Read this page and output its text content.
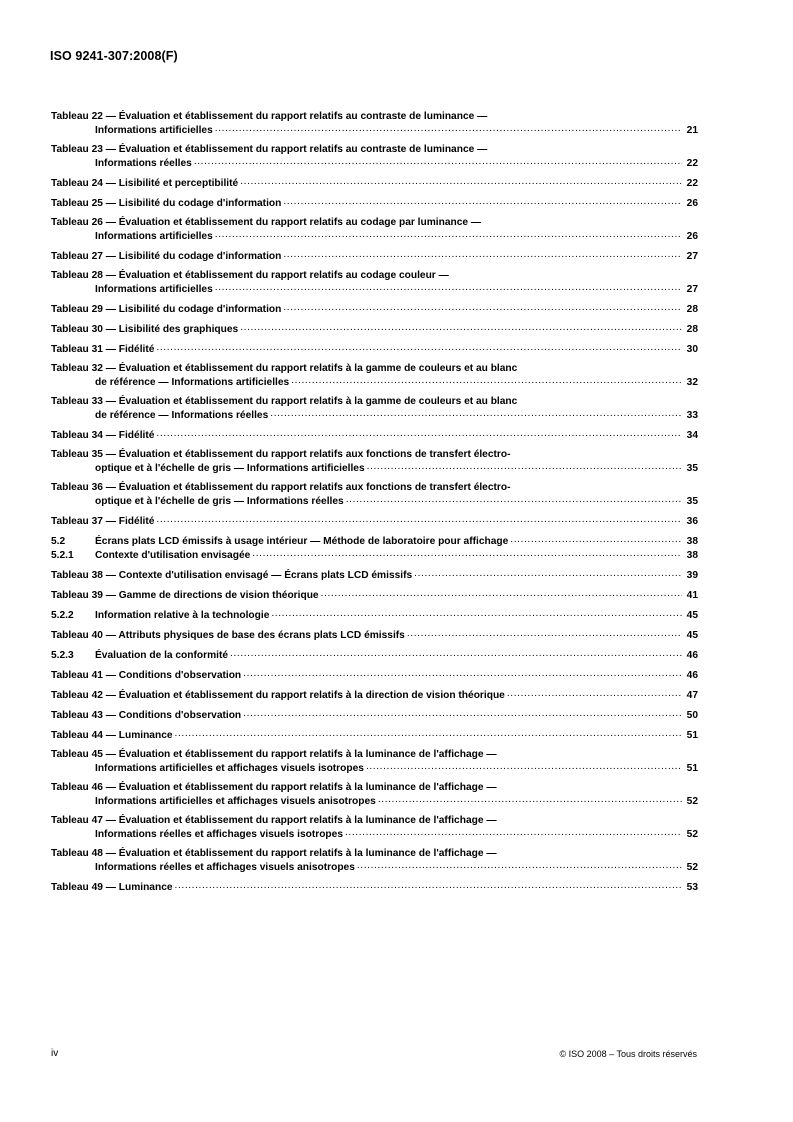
ISO 9241-307:2008(F)
Tableau 22 — Évaluation et établissement du rapport relatifs au contraste de luminance —
Informations artificielles .....	21
Tableau 23 — Évaluation et établissement du rapport relatifs au contraste de luminance —
Informations réelles .....	22
Tableau 24 — Lisibilité et perceptibilité .....	22
Tableau 25 — Lisibilité du codage d'information .....	26
Tableau 26 — Évaluation et établissement du rapport relatifs au codage par luminance —
Informations artificielles .....	26
Tableau 27 — Lisibilité du codage d'information .....	27
Tableau 28 — Évaluation et établissement du rapport relatifs au codage couleur —
Informations artificielles .....	27
Tableau 29 — Lisibilité du codage d'information .....	28
Tableau 30 — Lisibilité des graphiques .....	28
Tableau 31 — Fidélité .....	30
Tableau 32 — Évaluation et établissement du rapport relatifs à la gamme de couleurs et au blanc
de référence — Informations artificielles .....	32
Tableau 33 — Évaluation et établissement du rapport relatifs à la gamme de couleurs et au blanc
de référence — Informations réelles .....	33
Tableau 34 — Fidélité .....	34
Tableau 35 — Évaluation et établissement du rapport relatifs aux fonctions de transfert électro-
optique et à l'échelle de gris — Informations artificielles .....	35
Tableau 36 — Évaluation et établissement du rapport relatifs aux fonctions de transfert électro-
optique et à l'échelle de gris — Informations réelles .....	35
Tableau 37 — Fidélité .....	36
5.2	Écrans plats LCD émissifs à usage intérieur — Méthode de laboratoire pour affichage .....	38
5.2.1	Contexte d'utilisation envisagée .....	38
Tableau 38 — Contexte d'utilisation envisagé — Écrans plats LCD émissifs .....	39
Tableau 39 — Gamme de directions de vision théorique .....	41
5.2.2	Information relative à la technologie .....	45
Tableau 40 — Attributs physiques de base des écrans plats LCD émissifs .....	45
5.2.3	Évaluation de la conformité .....	46
Tableau 41 — Conditions d'observation .....	46
Tableau 42 — Évaluation et établissement du rapport relatifs à la direction de vision théorique .....	47
Tableau 43 — Conditions d'observation .....	50
Tableau 44 — Luminance .....	51
Tableau 45 — Évaluation et établissement du rapport relatifs à la luminance de l'affichage —
Informations artificielles et affichages visuels isotropes .....	51
Tableau 46 — Évaluation et établissement du rapport relatifs à la luminance de l'affichage —
Informations artificielles et affichages visuels anisotropes .....	52
Tableau 47 — Évaluation et établissement du rapport relatifs à la luminance de l'affichage —
Informations réelles et affichages visuels isotropes .....	52
Tableau 48 — Évaluation et établissement du rapport relatifs à la luminance de l'affichage —
Informations réelles et affichages visuels anisotropes .....	52
Tableau 49 — Luminance .....	53
iv	© ISO 2008 – Tous droits réservés
